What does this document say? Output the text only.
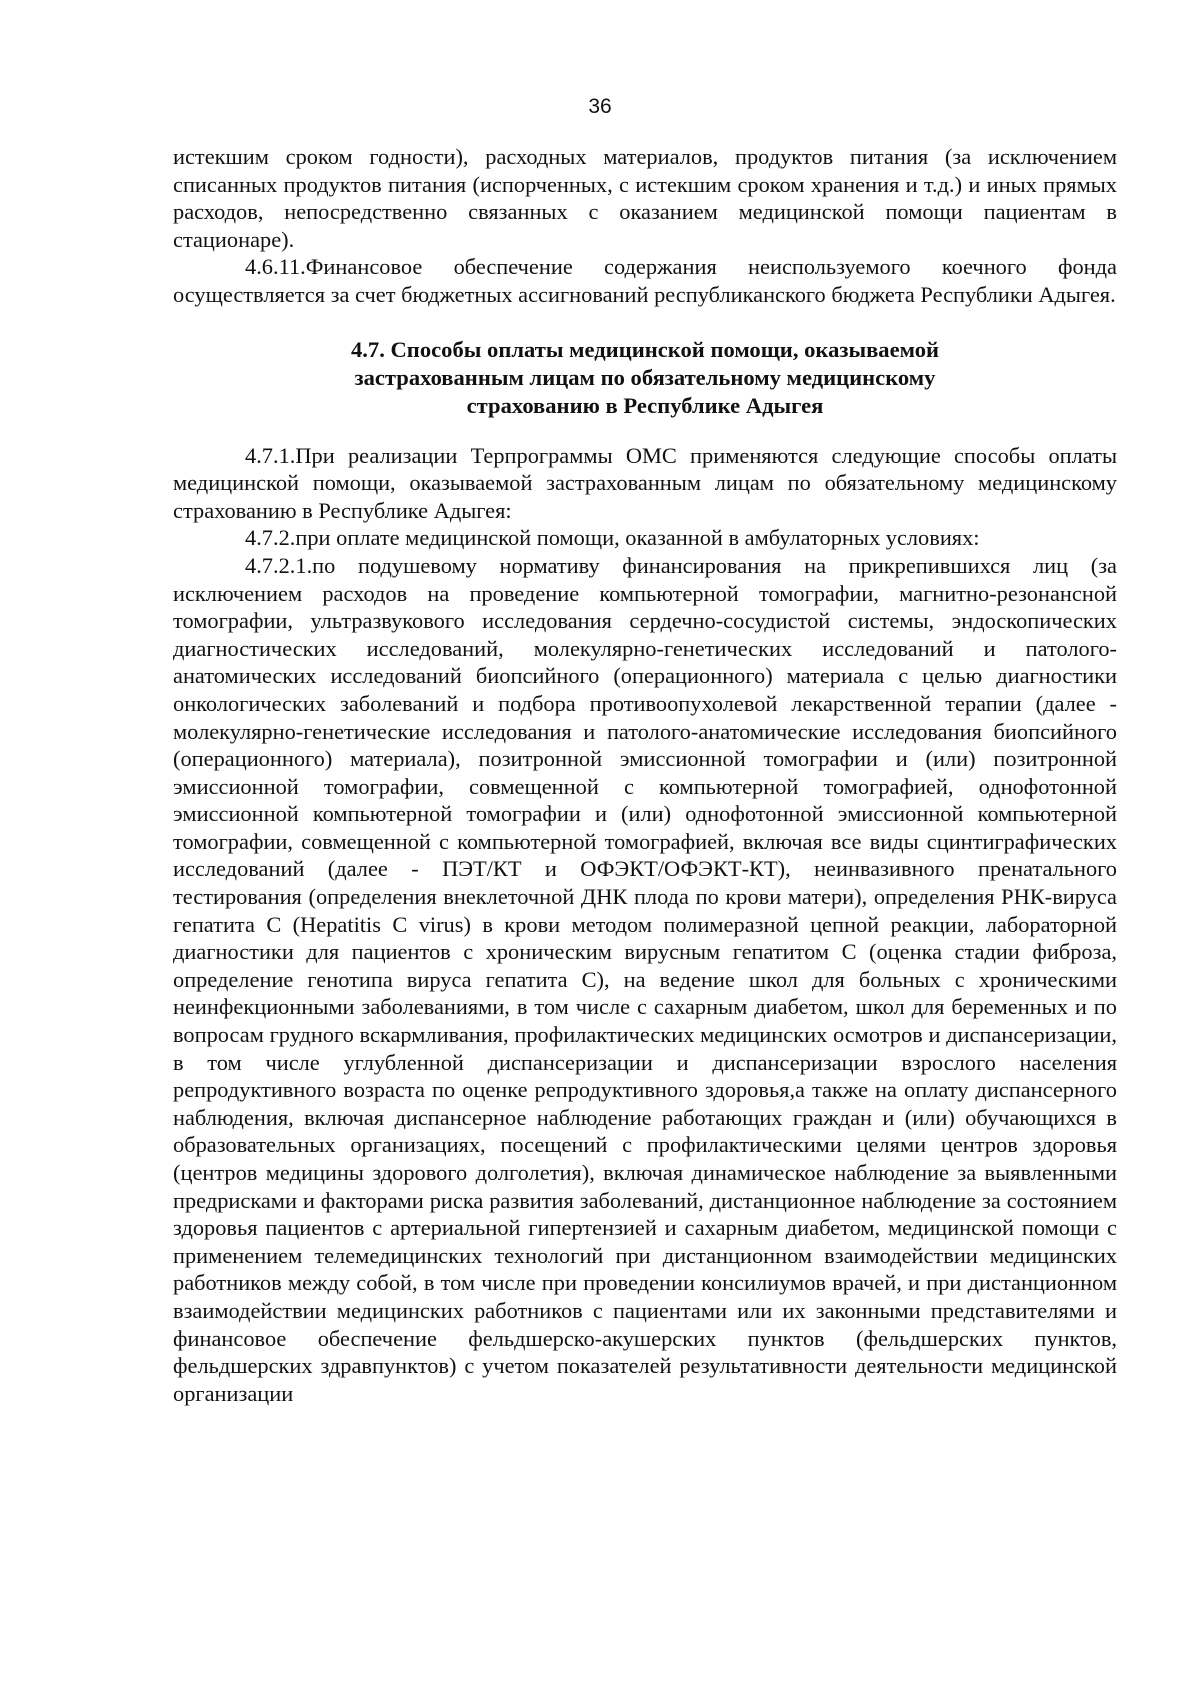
36

истекшим сроком годности), расходных материалов, продуктов питания (за исключением списанных продуктов питания (испорченных, с истекшим сроком хранения и т.д.) и иных прямых расходов, непосредственно связанных с оказанием медицинской помощи пациентам в стационаре).

4.6.11.Финансовое обеспечение содержания неиспользуемого коечного фонда осуществляется за счет бюджетных ассигнований республиканского бюджета Республики Адыгея.

4.7. Способы оплаты медицинской помощи, оказываемой
застрахованным лицам по обязательному медицинскому
страхованию в Республике Адыгея

4.7.1.При реализации Терпрограммы ОМС применяются следующие способы оплаты медицинской помощи, оказываемой застрахованным лицам по обязательному медицинскому страхованию в Республике Адыгея:

4.7.2.при оплате медицинской помощи, оказанной в амбулаторных условиях:

4.7.2.1.по подушевому нормативу финансирования на прикрепившихся лиц (за исключением расходов на проведение компьютерной томографии, магнитно-резонансной томографии, ультразвукового исследования сердечно-сосудистой системы, эндоскопических диагностических исследований, молекулярно-генетических исследований и патолого-анатомических исследований биопсийного (операционного) материала с целью диагностики онкологических заболеваний и подбора противоопухолевой лекарственной терапии (далее - молекулярно-генетические исследования и патолого-анатомические исследования биопсийного (операционного) материала), позитронной эмиссионной томографии и (или) позитронной эмиссионной томографии, совмещенной с компьютерной томографией, однофотонной эмиссионной компьютерной томографии и (или) однофотонной эмиссионной компьютерной томографии, совмещенной с компьютерной томографией, включая все виды сцинтиграфических исследований (далее - ПЭТ/КТ и ОФЭКТ/ОФЭКТ-КТ), неинвазивного пренатального тестирования (определения внеклеточной ДНК плода по крови матери), определения РНК-вируса гепатита С (Hepatitis C virus) в крови методом полимеразной цепной реакции, лабораторной диагностики для пациентов с хроническим вирусным гепатитом С (оценка стадии фиброза, определение генотипа вируса гепатита С), на ведение школ для больных с хроническими неинфекционными заболеваниями, в том числе с сахарным диабетом, школ для беременных и по вопросам грудного вскармливания, профилактических медицинских осмотров и диспансеризации, в том числе углубленной диспансеризации и диспансеризации взрослого населения репродуктивного возраста по оценке репродуктивного здоровья,а также на оплату диспансерного наблюдения, включая диспансерное наблюдение работающих граждан и (или) обучающихся в образовательных организациях, посещений с профилактическими целями центров здоровья (центров медицины здорового долголетия), включая динамическое наблюдение за выявленными предрисками и факторами риска развития заболеваний, дистанционное наблюдение за состоянием здоровья пациентов с артериальной гипертензией и сахарным диабетом, медицинской помощи с применением телемедицинских технологий при дистанционном взаимодействии медицинских работников между собой, в том числе при проведении консилиумов врачей, и при дистанционном взаимодействии медицинских работников с пациентами или их законными представителями и финансовое обеспечение фельдшерско-акушерских пунктов (фельдшерских пунктов, фельдшерских здравпунктов) с учетом показателей результативности деятельности медицинской организации
